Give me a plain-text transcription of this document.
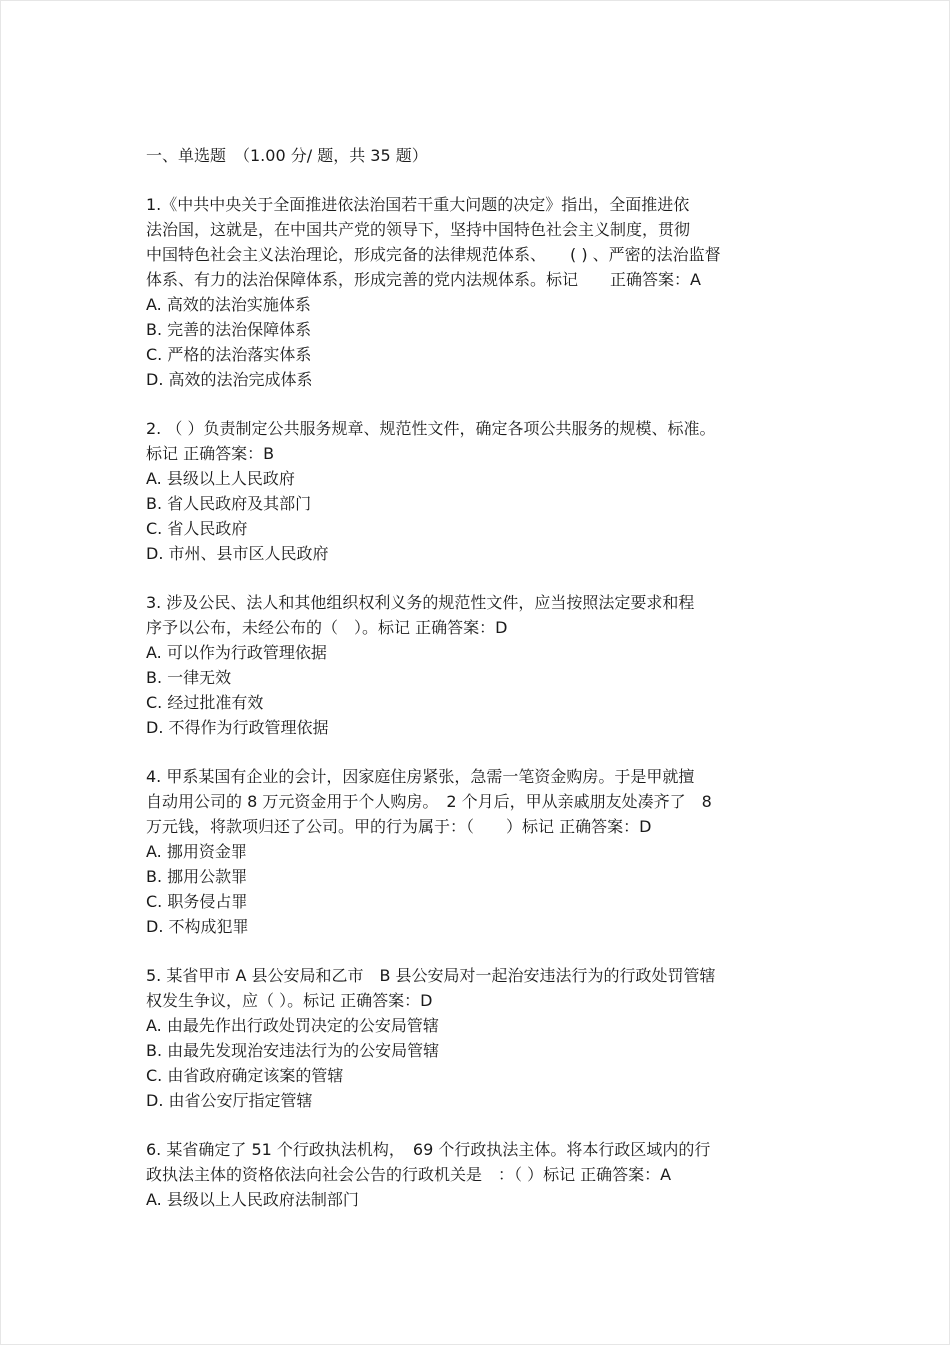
一、单选题　（1.00 分/ 题，共 35 题）
1.《中共中央关于全面推进依法治国若干重大问题的决定》指出，全面推进依
法治国，这就是，在中国共产党的领导下，坚持中国特色社会主义制度，贯彻
中国特色社会主义法治理论，形成完备的法律规范体系、　　( ) 、严密的法治监督
体系、有力的法治保障体系，形成完善的党内法规体系。标记　　正确答案：A
A. 高效的法治实施体系
B. 完善的法治保障体系
C. 严格的法治落实体系
D. 高效的法治完成体系
2. （ ）负责制定公共服务规章、规范性文件，确定各项公共服务的规模、标准。
标记 正确答案：B
A. 县级以上人民政府
B. 省人民政府及其部门
C. 省人民政府
D. 市州、县市区人民政府
3. 涉及公民、法人和其他组织权利义务的规范性文件，应当按照法定要求和程
序予以公布，未经公布的（　）。标记 正确答案：D
A. 可以作为行政管理依据
B. 一律无效
C. 经过批准有效
D. 不得作为行政管理依据
4. 甲系某国有企业的会计，因家庭住房紧张，急需一笔资金购房。于是甲就擅
自动用公司的 8 万元资金用于个人购房。　2 个月后，甲从亲戚朋友处凑齐了　8
万元钱，将款项归还了公司。甲的行为属于：（　　）标记 正确答案：D
A. 挪用资金罪
B. 挪用公款罪
C. 职务侵占罪
D. 不构成犯罪
5. 某省甲市 A 县公安局和乙市　B 县公安局对一起治安违法行为的行政处罚管辖
权发生争议，应（ ）。标记 正确答案：D
A. 由最先作出行政处罚决定的公安局管辖
B. 由最先发现治安违法行为的公安局管辖
C. 由省政府确定该案的管辖
D. 由省公安厅指定管辖
6. 某省确定了 51 个行政执法机构，　69 个行政执法主体。将本行政区域内的行
政执法主体的资格依法向社会公告的行政机关是　：（ ）标记 正确答案：A
A. 县级以上人民政府法制部门
